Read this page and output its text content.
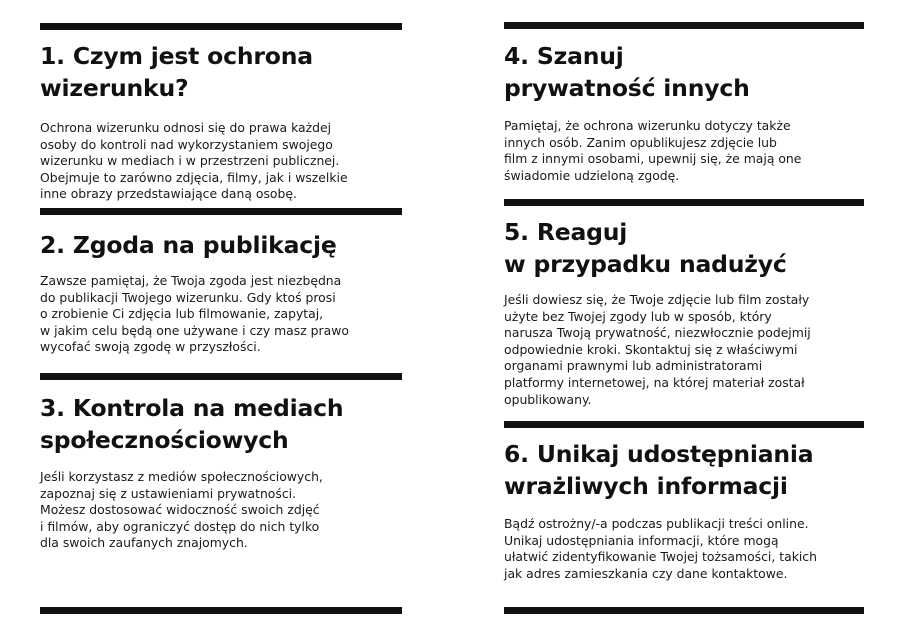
1. Czym jest ochrona
wizerunku?

Ochrona wizerunku odnosi się do prawa każdej
osoby do kontroli nad wykorzystaniem swojego
wizerunku w mediach i w przestrzeni publicznej.
Obejmuje to zarówno zdjęcia, filmy, jak i wszelkie
inne obrazy przedstawiające daną osobę.

2. Zgoda na publikację

Zawsze pamiętaj, że Twoja zgoda jest niezbędna
do publikacji Twojego wizerunku. Gdy ktoś prosi
o zrobienie Ci zdjęcia lub filmowanie, zapytaj,
w jakim celu będą one używane i czy masz prawo
wycofać swoją zgodę w przyszłości.

3. Kontrola na mediach
społecznościowych

Jeśli korzystasz z mediów społecznościowych,
zapoznaj się z ustawieniami prywatności.
Możesz dostosować widoczność swoich zdjęć
i filmów, aby ograniczyć dostęp do nich tylko
dla swoich zaufanych znajomych.

4. Szanuj
prywatność innych

Pamiętaj, że ochrona wizerunku dotyczy także
innych osób. Zanim opublikujesz zdjęcie lub
film z innymi osobami, upewnij się, że mają one
świadomie udzieloną zgodę.

5. Reaguj
w przypadku nadużyć

Jeśli dowiesz się, że Twoje zdjęcie lub film zostały
użyte bez Twojej zgody lub w sposób, który
narusza Twoją prywatność, niezwłocznie podejmij
odpowiednie kroki. Skontaktuj się z właściwymi
organami prawnymi lub administratorami
platformy internetowej, na której materiał został
opublikowany.

6. Unikaj udostępniania
wrażliwych informacji

Bądź ostrożny/-a podczas publikacji treści online.
Unikaj udostępniania informacji, które mogą
ułatwić zidentyfikowanie Twojej tożsamości, takich
jak adres zamieszkania czy dane kontaktowe.
